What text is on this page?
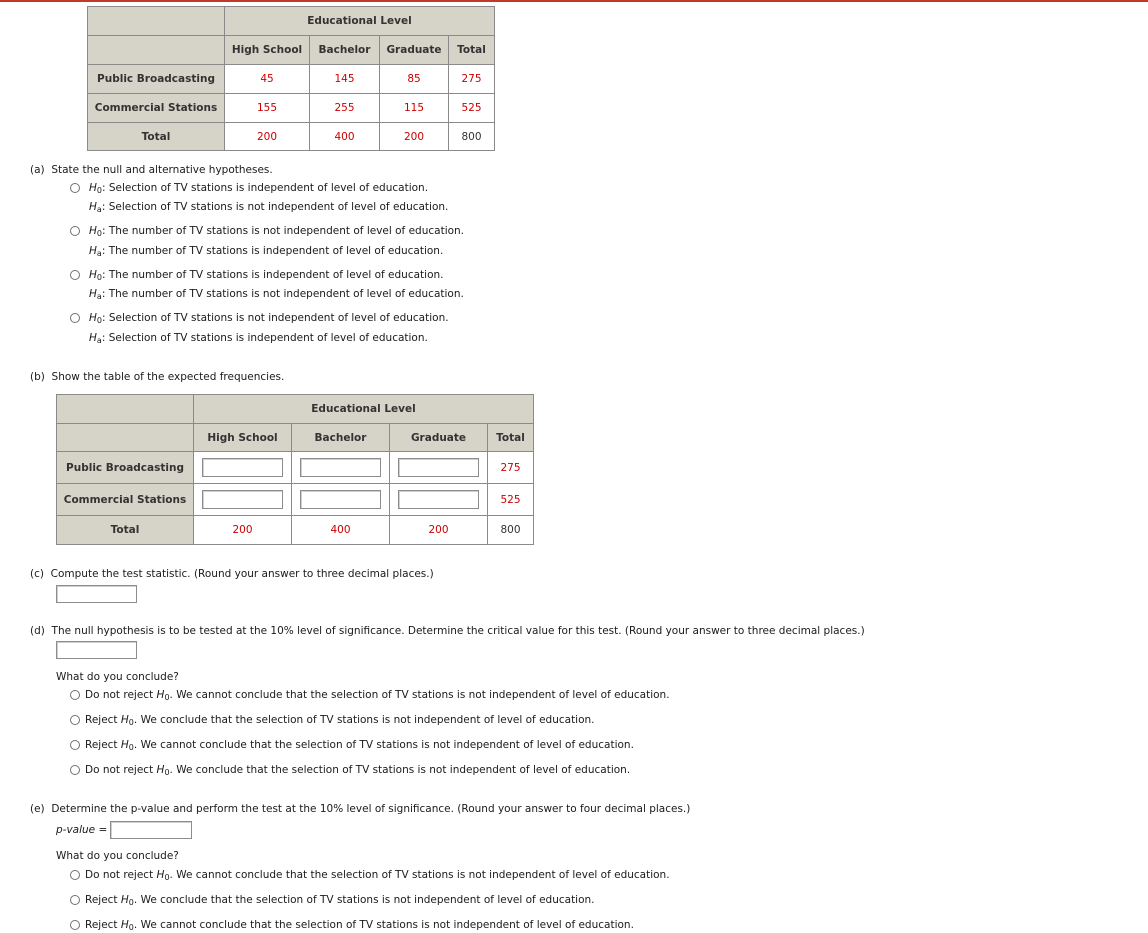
	Educational Level			
	High School	Bachelor	Graduate	Total
Public Broadcasting	45	145	85	275
Commercial Stations	155	255	115	525
Total	200	400	200	800
(a) State the null and alternative hypotheses.
$H_0$: Selection of TV stations is independent of level of education.
$H_a$: Selection of TV stations is not independent of level of education.
$H_0$: The number of TV stations is not independent of level of education.
$H_a$: The number of TV stations is independent of level of education.
$H_0$: The number of TV stations is independent of level of education.
$H_a$: The number of TV stations is not independent of level of education.
$H_0$: Selection of TV stations is not independent of level of education.
$H_a$: Selection of TV stations is independent of level of education.
(b) Show the table of the expected frequencies.
	Educational Level			
	High School	Bachelor	Graduate	Total
Public Broadcasting				275
Commercial Stations				525
Total	200	400	200	800
(c) Compute the test statistic. (Round your answer to three decimal places.)
(d) The null hypothesis is to be tested at the 10% level of significance. Determine the critical value for this test. (Round your answer to three decimal places.)
What do you conclude?
Do not reject $H_0$. We cannot conclude that the selection of TV stations is not independent of level of education.
Reject $H_0$. We conclude that the selection of TV stations is not independent of level of education.
Reject $H_0$. We cannot conclude that the selection of TV stations is not independent of level of education.
Do not reject $H_0$. We conclude that the selection of TV stations is not independent of level of education.
(e) Determine the p-value and perform the test at the 10% level of significance. (Round your answer to four decimal places.)
p-value =
What do you conclude?
Do not reject $H_0$. We cannot conclude that the selection of TV stations is not independent of level of education.
Reject $H_0$. We conclude that the selection of TV stations is not independent of level of education.
Reject $H_0$. We cannot conclude that the selection of TV stations is not independent of level of education.
